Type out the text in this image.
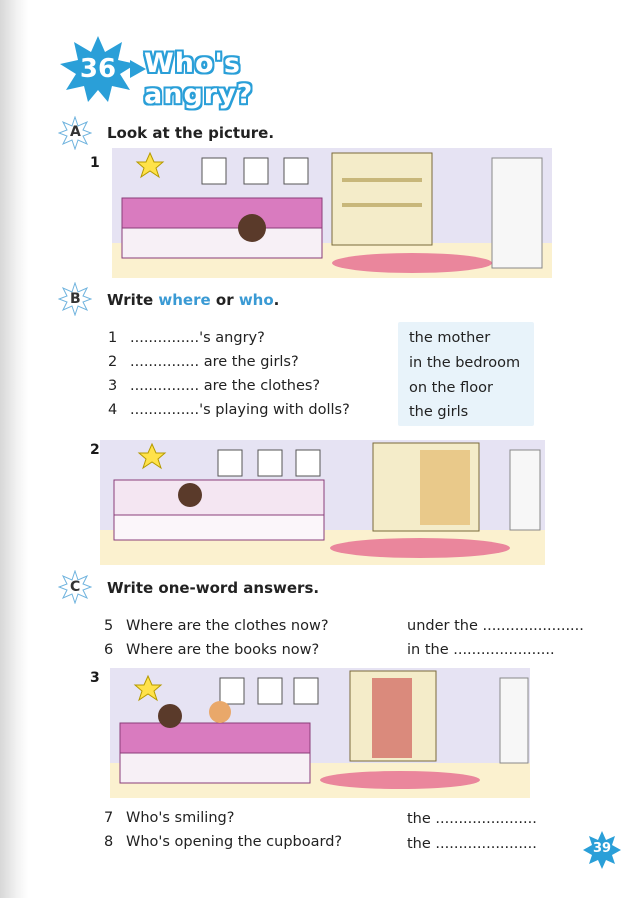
36	Who's angry?
A Look at the picture.
1
B Write where or who.
1 ...............'s angry?
2 ............... are the girls?
3 ............... are the clothes?
4 ...............'s playing with dolls?
the mother
in the bedroom
on the floor
the girls
2
C Write one-word answers.
5 Where are the clothes now?	under the ......................
6 Where are the books now?	in the ......................
3
7 Who's smiling?	the ......................
8 Who's opening the cupboard?	the ......................	39
